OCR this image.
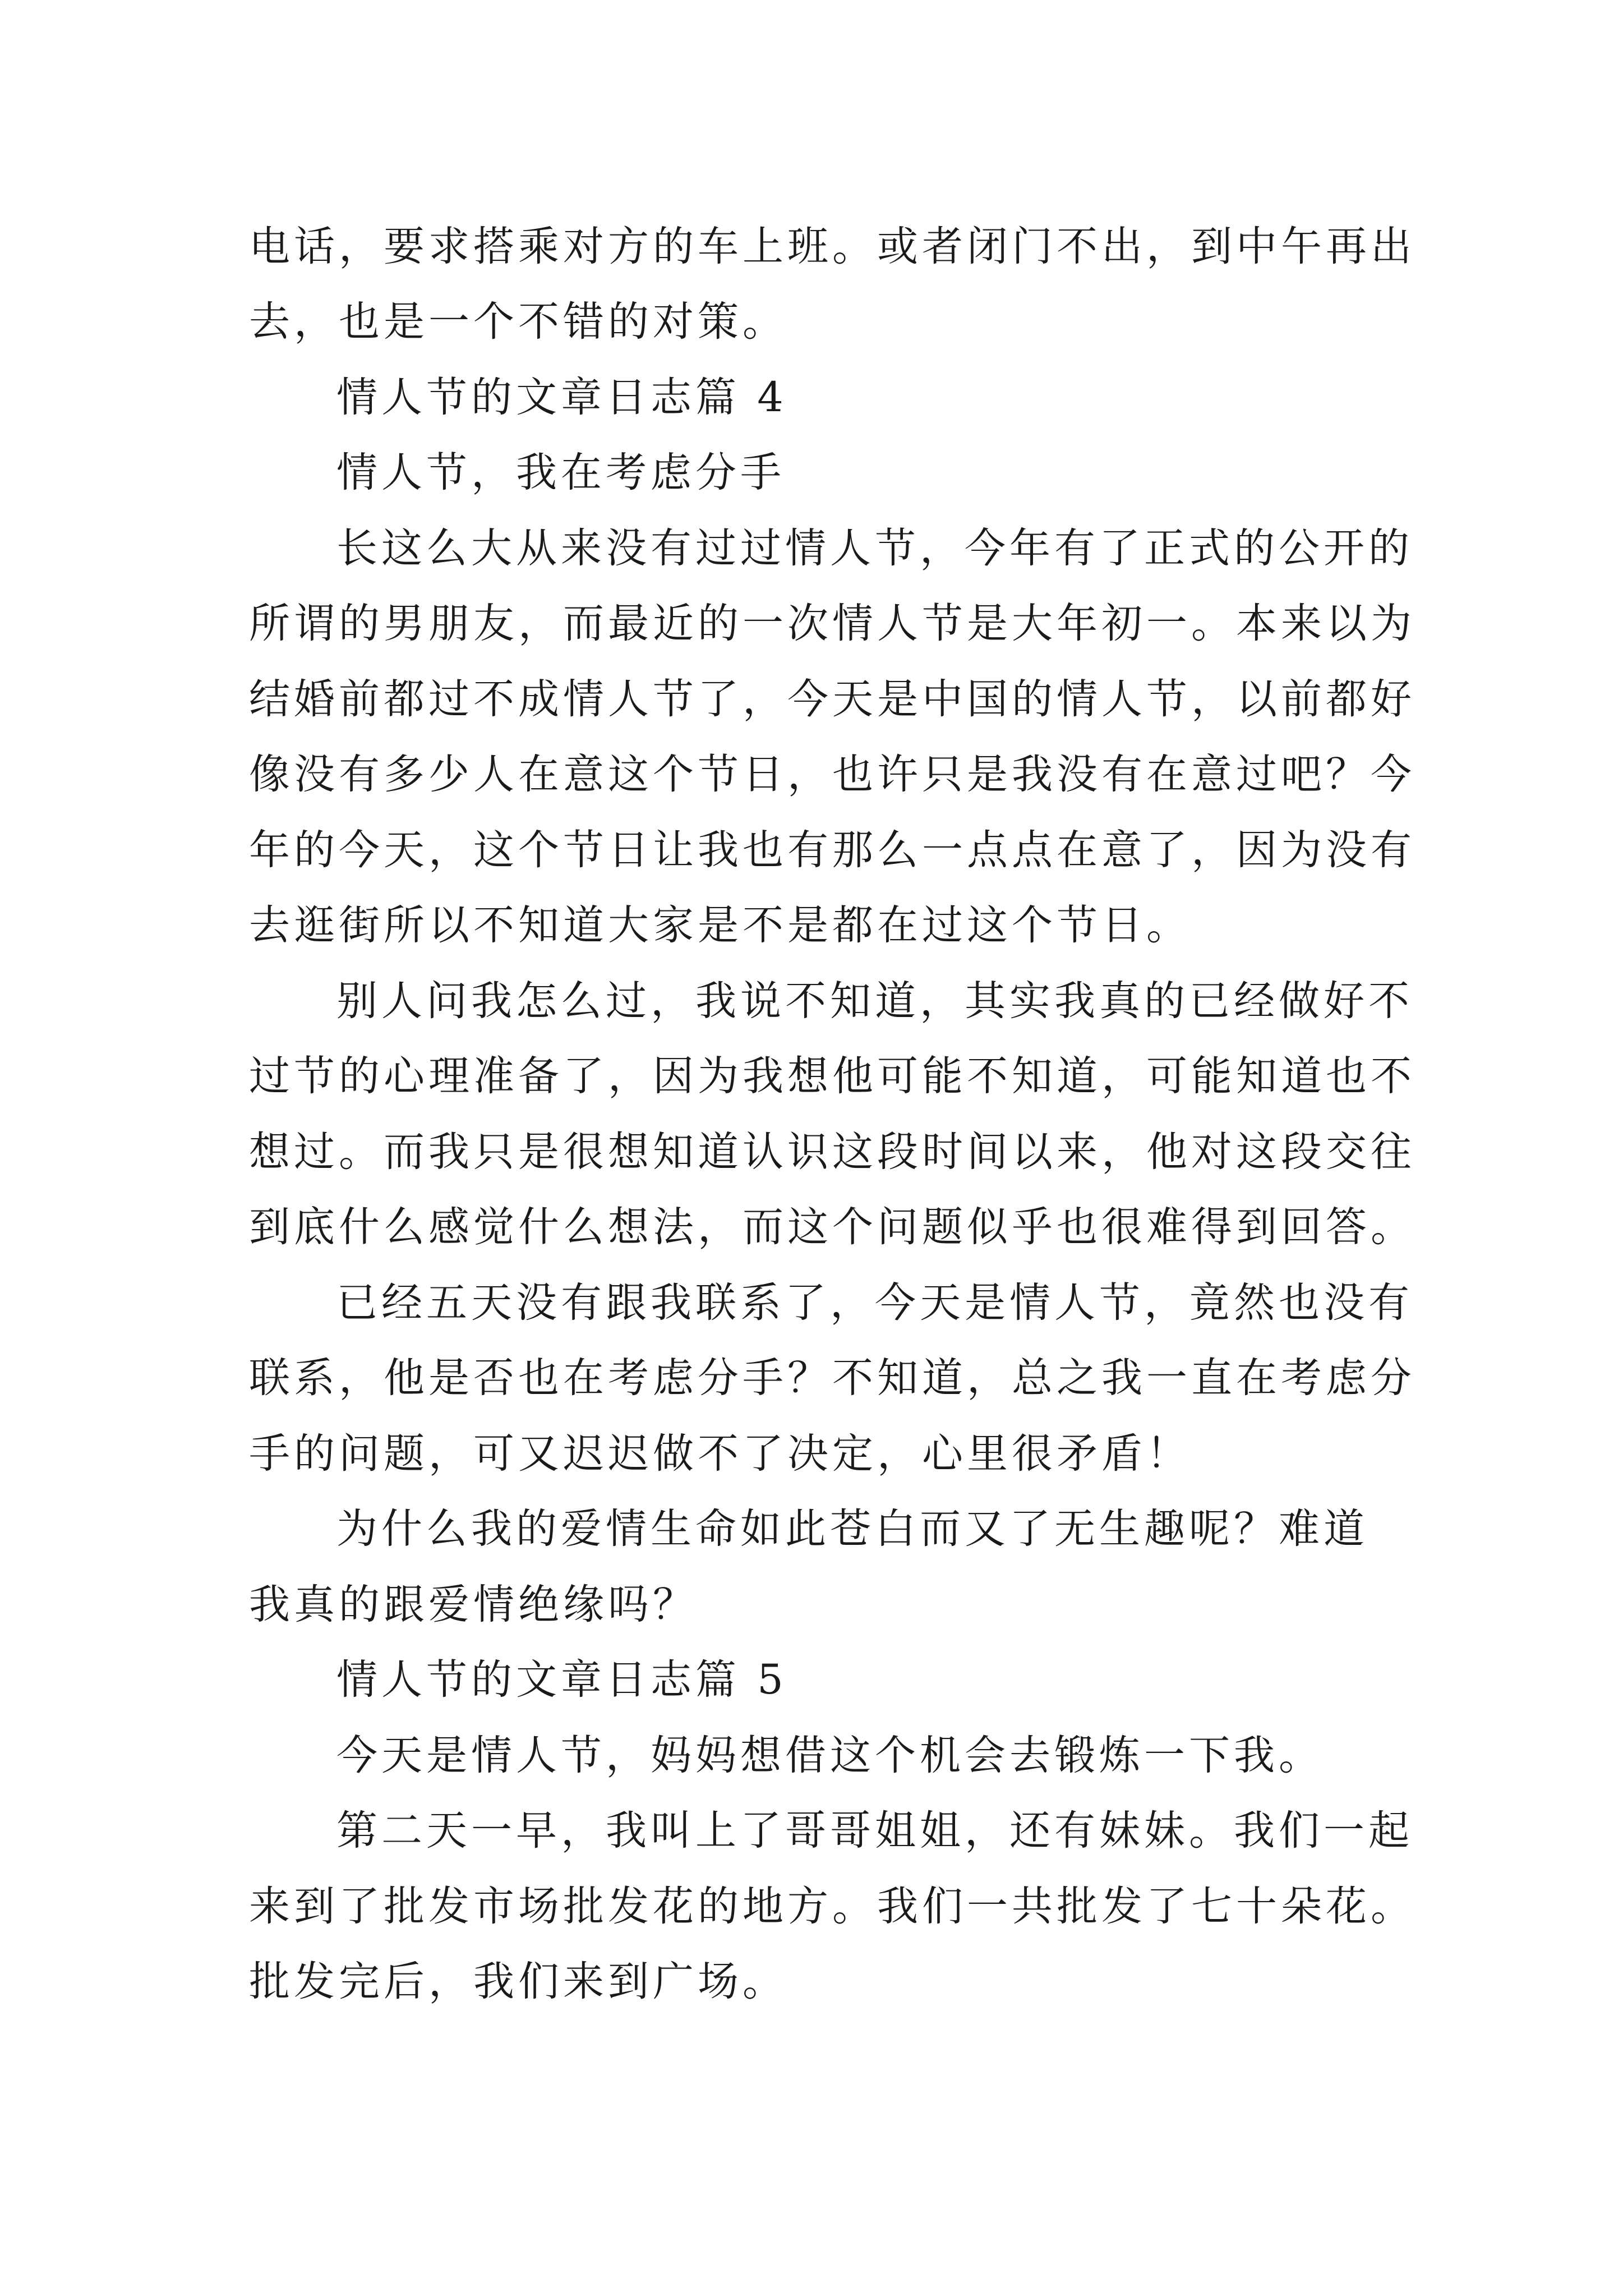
电话，要求搭乘对方的车上班。或者闭门不出，到中午再出

去，也是一个不错的对策。

情人节的文章日志篇 4

情人节，我在考虑分手

长这么大从来没有过过情人节，今年有了正式的公开的

所谓的男朋友，而最近的一次情人节是大年初一。本来以为

结婚前都过不成情人节了，今天是中国的情人节，以前都好

像没有多少人在意这个节日，也许只是我没有在意过吧？今

年的今天，这个节日让我也有那么一点点在意了，因为没有

去逛街所以不知道大家是不是都在过这个节日。

别人问我怎么过，我说不知道，其实我真的已经做好不

过节的心理准备了，因为我想他可能不知道，可能知道也不

想过。而我只是很想知道认识这段时间以来，他对这段交往

到底什么感觉什么想法，而这个问题似乎也很难得到回答。

已经五天没有跟我联系了，今天是情人节，竟然也没有

联系，他是否也在考虑分手？不知道，总之我一直在考虑分

手的问题，可又迟迟做不了决定，心里很矛盾！

为什么我的爱情生命如此苍白而又了无生趣呢？难道

我真的跟爱情绝缘吗？

情人节的文章日志篇 5

今天是情人节，妈妈想借这个机会去锻炼一下我。

第二天一早，我叫上了哥哥姐姐，还有妹妹。我们一起

来到了批发市场批发花的地方。我们一共批发了七十朵花。

批发完后，我们来到广场。
